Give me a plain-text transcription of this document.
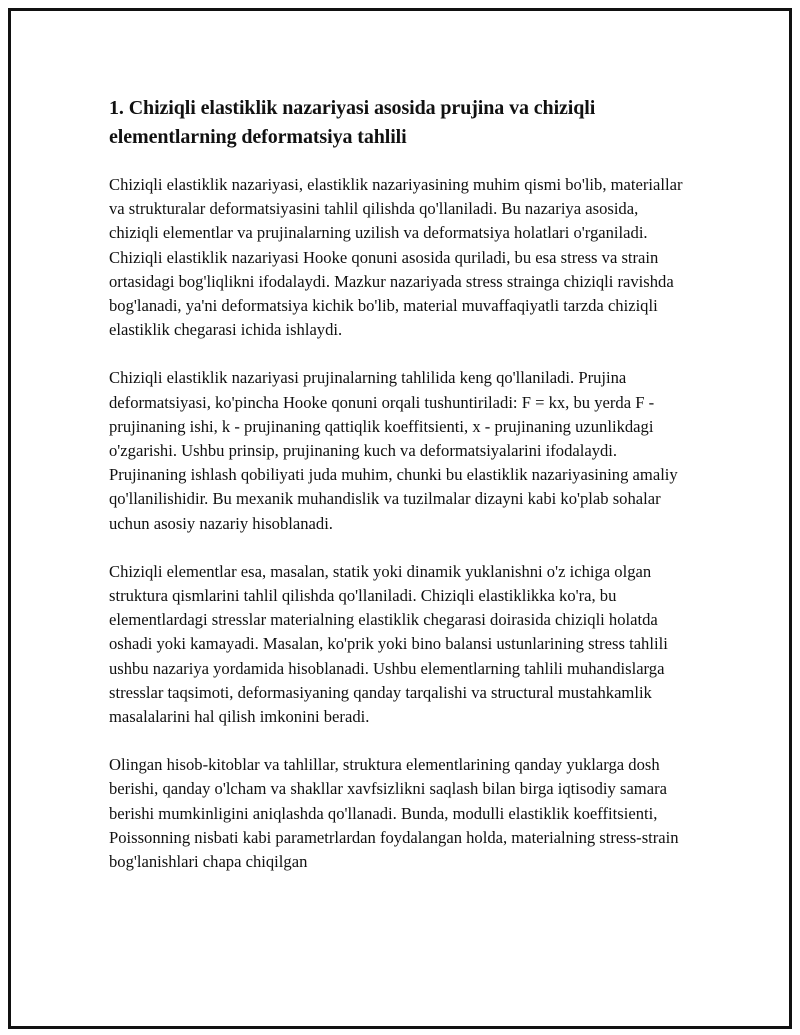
1. Chiziqli elastiklik nazariyasi asosida prujina va chiziqli elementlarning deformatsiya tahlili

Chiziqli elastiklik nazariyasi, elastiklik nazariyasining muhim qismi bo'lib, materiallar va strukturalar deformatsiyasini tahlil qilishda qo'llaniladi. Bu nazariya asosida, chiziqli elementlar va prujinalarning uzilish va deformatsiya holatlari o'rganiladi. Chiziqli elastiklik nazariyasi Hooke qonuni asosida quriladi, bu esa stress va strain ortasidagi bog'liqlikni ifodalaydi. Mazkur nazariyada stress strainga chiziqli ravishda bog'lanadi, ya'ni deformatsiya kichik bo'lib, material muvaffaqiyatli tarzda chiziqli elastiklik chegarasi ichida ishlaydi.

Chiziqli elastiklik nazariyasi prujinalarning tahlilida keng qo'llaniladi. Prujina deformatsiyasi, ko'pincha Hooke qonuni orqali tushuntiriladi: F = kx, bu yerda F - prujinaning ishi, k - prujinaning qattiqlik koeffitsienti, x - prujinaning uzunlikdagi o'zgarishi. Ushbu prinsip, prujinaning kuch va deformatsiyalarini ifodalaydi. Prujinaning ishlash qobiliyati juda muhim, chunki bu elastiklik nazariyasining amaliy qo'llanilishidir. Bu mexanik muhandislik va tuzilmalar dizayni kabi ko'plab sohalar uchun asosiy nazariy hisoblanadi.

Chiziqli elementlar esa, masalan, statik yoki dinamik yuklanishni o'z ichiga olgan struktura qismlarini tahlil qilishda qo'llaniladi. Chiziqli elastiklikka ko'ra, bu elementlardagi stresslar materialning elastiklik chegarasi doirasida chiziqli holatda oshadi yoki kamayadi. Masalan, ko'prik yoki bino balansi ustunlarining stress tahlili ushbu nazariya yordamida hisoblanadi. Ushbu elementlarning tahlili muhandislarga stresslar taqsimoti, deformasiyaning qanday tarqalishi va structural mustahkamlik masalalarini hal qilish imkonini beradi.

Olingan hisob-kitoblar va tahlillar, struktura elementlarining qanday yuklarga dosh berishi, qanday o'lcham va shakllar xavfsizlikni saqlash bilan birga iqtisodiy samara berishi mumkinligini aniqlashda qo'llanadi. Bunda, modulli elastiklik koeffitsienti, Poissonning nisbati kabi parametrlardan foydalangan holda, materialning stress-strain bog'lanishlari chapa chiqilgan
